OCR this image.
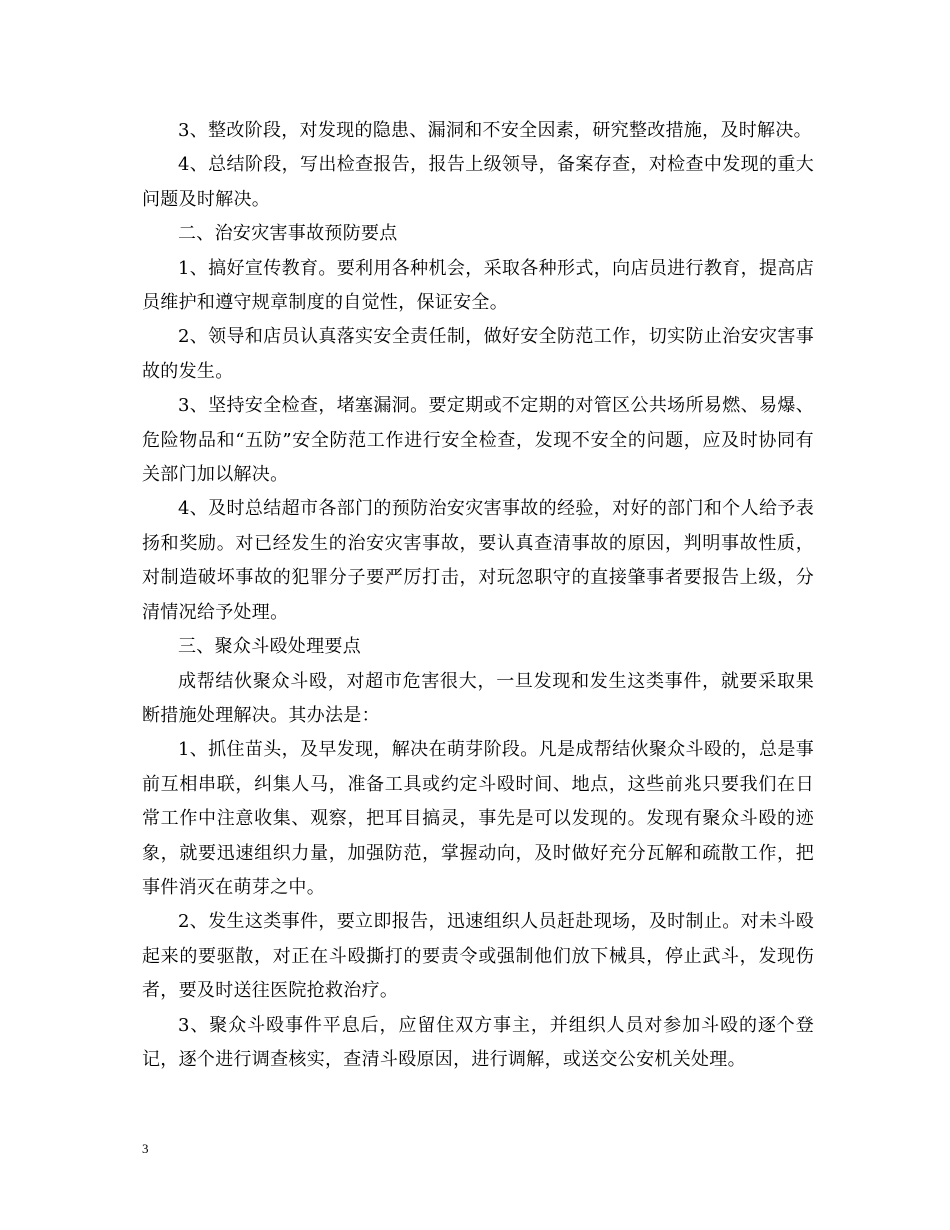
3、整改阶段，对发现的隐患、漏洞和不安全因素，研究整改措施，及时解决。

4、总结阶段，写出检查报告，报告上级领导，备案存查，对检查中发现的重大问题及时解决。

二、治安灾害事故预防要点

1、搞好宣传教育。要利用各种机会，采取各种形式，向店员进行教育，提高店员维护和遵守规章制度的自觉性，保证安全。

2、领导和店员认真落实安全责任制，做好安全防范工作，切实防止治安灾害事故的发生。

3、坚持安全检查，堵塞漏洞。要定期或不定期的对管区公共场所易燃、易爆、危险物品和“五防”安全防范工作进行安全检查，发现不安全的问题，应及时协同有关部门加以解决。

4、及时总结超市各部门的预防治安灾害事故的经验，对好的部门和个人给予表扬和奖励。对已经发生的治安灾害事故，要认真查清事故的原因，判明事故性质，对制造破坏事故的犯罪分子要严厉打击，对玩忽职守的直接肇事者要报告上级，分清情况给予处理。

三、聚众斗殴处理要点

成帮结伙聚众斗殴，对超市危害很大，一旦发现和发生这类事件，就要采取果断措施处理解决。其办法是：

1、抓住苗头，及早发现，解决在萌芽阶段。凡是成帮结伙聚众斗殴的，总是事前互相串联，纠集人马，准备工具或约定斗殴时间、地点，这些前兆只要我们在日常工作中注意收集、观察，把耳目搞灵，事先是可以发现的。发现有聚众斗殴的迹象，就要迅速组织力量，加强防范，掌握动向，及时做好充分瓦解和疏散工作，把事件消灭在萌芽之中。

2、发生这类事件，要立即报告，迅速组织人员赶赴现场，及时制止。对未斗殴起来的要驱散，对正在斗殴撕打的要责令或强制他们放下械具，停止武斗，发现伤者，要及时送往医院抢救治疗。

3、聚众斗殴事件平息后，应留住双方事主，并组织人员对参加斗殴的逐个登记，逐个进行调查核实，查清斗殴原因，进行调解，或送交公安机关处理。

3
